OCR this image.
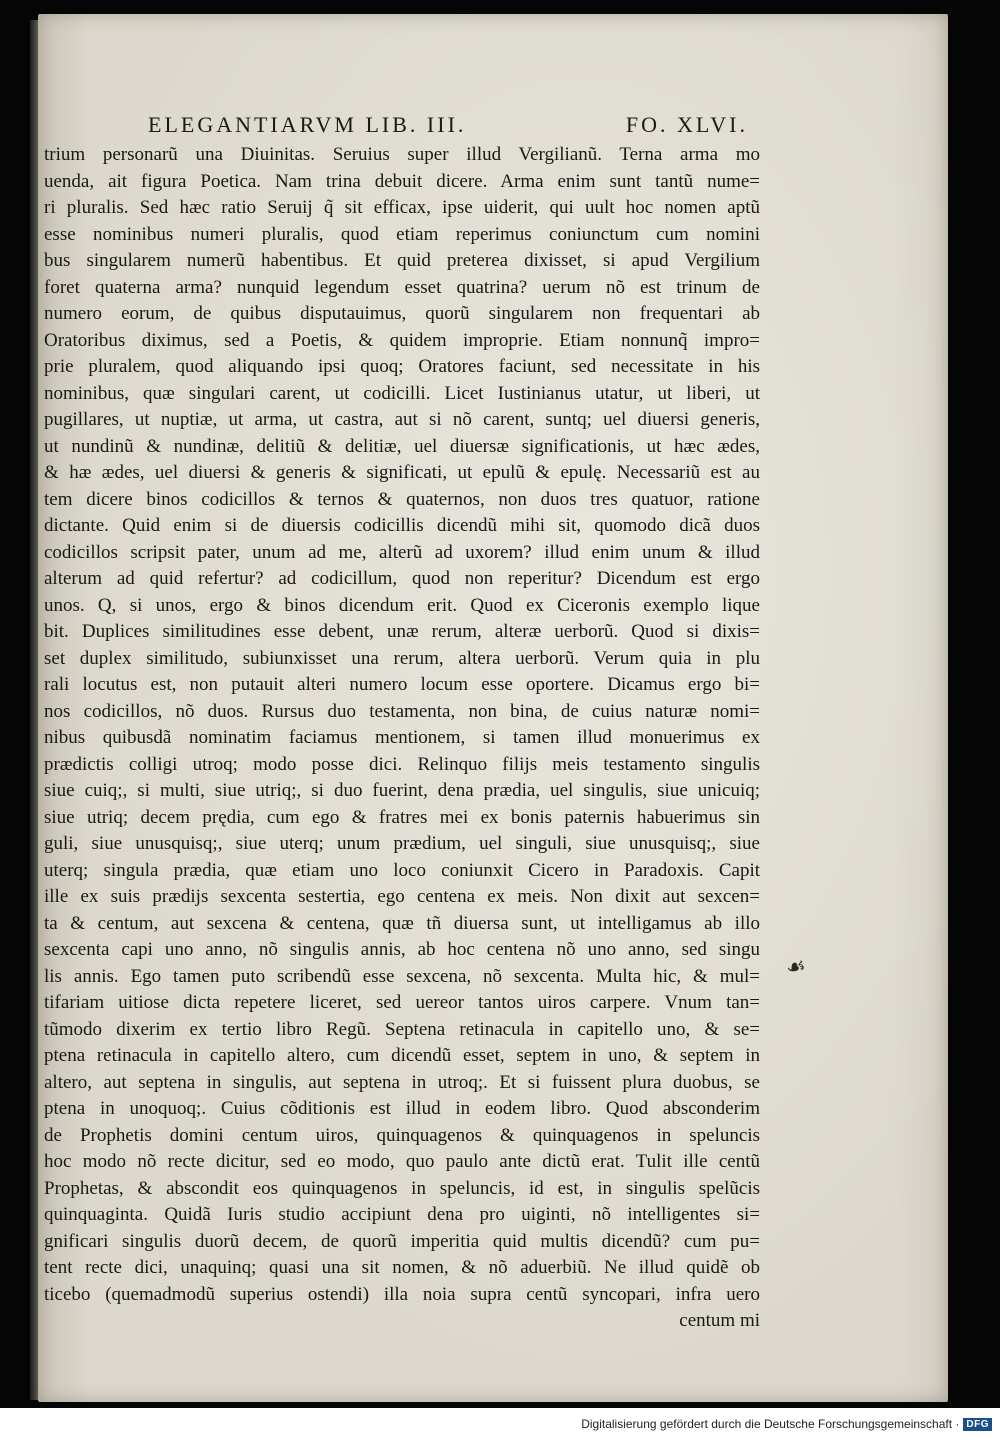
ELEGANTIARVM LIB. III.	FO. XLVI.
trium personarũ una Diuinitas. Seruius super illud Vergilianũ. Terna arma mo
uenda, ait figura Poetica. Nam trina debuit dicere. Arma enim sunt tantũ nume=
ri pluralis. Sed hæc ratio Seruij q̃ sit efficax, ipse uiderit, qui uult hoc nomen aptũ
esse nominibus numeri pluralis, quod etiam reperimus coniunctum cum nomini
bus singularem numerũ habentibus. Et quid preterea dixisset, si apud Vergilium
foret quaterna arma? nunquid legendum esset quatrina? uerum nõ est trinum de
numero eorum, de quibus disputauimus, quorũ singularem non frequentari ab
Oratoribus diximus, sed a Poetis, & quidem improprie. Etiam nonnunq̃ impro=
prie pluralem, quod aliquando ipsi quoq; Oratores faciunt, sed necessitate in his
nominibus, quæ singulari carent, ut codicilli. Licet Iustinianus utatur, ut liberi, ut
pugillares, ut nuptiæ, ut arma, ut castra, aut si nõ carent, suntq; uel diuersi generis,
ut nundinũ & nundinæ, delitiũ & delitiæ, uel diuersæ significationis, ut hæc ædes,
& hæ ædes, uel diuersi & generis & significati, ut epulũ & epulę. Necessariũ est au
tem dicere binos codicillos & ternos & quaternos, non duos tres quatuor, ratione
dictante. Quid enim si de diuersis codicillis dicendũ mihi sit, quomodo dicã duos
codicillos scripsit pater, unum ad me, alterũ ad uxorem? illud enim unum & illud
alterum ad quid refertur? ad codicillum, quod non reperitur? Dicendum est ergo
unos. Q, si unos, ergo & binos dicendum erit. Quod ex Ciceronis exemplo lique
bit. Duplices similitudines esse debent, unæ rerum, alteræ uerborũ. Quod si dixis=
set duplex similitudo, subiunxisset una rerum, altera uerborũ. Verum quia in plu
rali locutus est, non putauit alteri numero locum esse oportere. Dicamus ergo bi=
nos codicillos, nõ duos. Rursus duo testamenta, non bina, de cuius naturæ nomi=
nibus quibusdã nominatim faciamus mentionem, si tamen illud monuerimus ex
prædictis colligi utroq; modo posse dici. Relinquo filijs meis testamento singulis
siue cuiq;, si multi, siue utriq;, si duo fuerint, dena prædia, uel singulis, siue unicuiq;
siue utriq; decem prędia, cum ego & fratres mei ex bonis paternis habuerimus sin
guli, siue unusquisq;, siue uterq; unum prædium, uel singuli, siue unusquisq;, siue
uterq; singula prædia, quæ etiam uno loco coniunxit Cicero in Paradoxis. Capit
ille ex suis prædijs sexcenta sestertia, ego centena ex meis. Non dixit aut sexcen=
ta & centum, aut sexcena & centena, quæ tñ diuersa sunt, ut intelligamus ab illo
sexcenta capi uno anno, nõ singulis annis, ab hoc centena nõ uno anno, sed singu
lis annis. Ego tamen puto scribendũ esse sexcena, nõ sexcenta. Multa hic, & mul=
tifariam uitiose dicta repetere liceret, sed uereor tantos uiros carpere. Vnum tan=
tũmodo dixerim ex tertio libro Regũ. Septena retinacula in capitello uno, & se=
ptena retinacula in capitello altero, cum dicendũ esset, septem in uno, & septem in
altero, aut septena in singulis, aut septena in utroq;. Et si fuissent plura duobus, se
ptena in unoquoq;. Cuius cõditionis est illud in eodem libro. Quod absconderim
de Prophetis domini centum uiros, quinquagenos & quinquagenos in speluncis
hoc modo nõ recte dicitur, sed eo modo, quo paulo ante dictũ erat. Tulit ille centũ
Prophetas, & abscondit eos quinquagenos in speluncis, id est, in singulis spelũcis
quinquaginta. Quidã Iuris studio accipiunt dena pro uiginti, nõ intelligentes si=
gnificari singulis duorũ decem, de quorũ imperitia quid multis dicendũ? cum pu=
tent recte dici, unaquinq; quasi una sit nomen, & nõ aduerbiũ. Ne illud quidẽ ob
ticebo (quemadmodũ superius ostendi) illa noia supra centũ syncopari, infra uero
centum mi
☙
Digitalisierung gefördert durch die Deutsche Forschungsgemeinschaft · DFG
